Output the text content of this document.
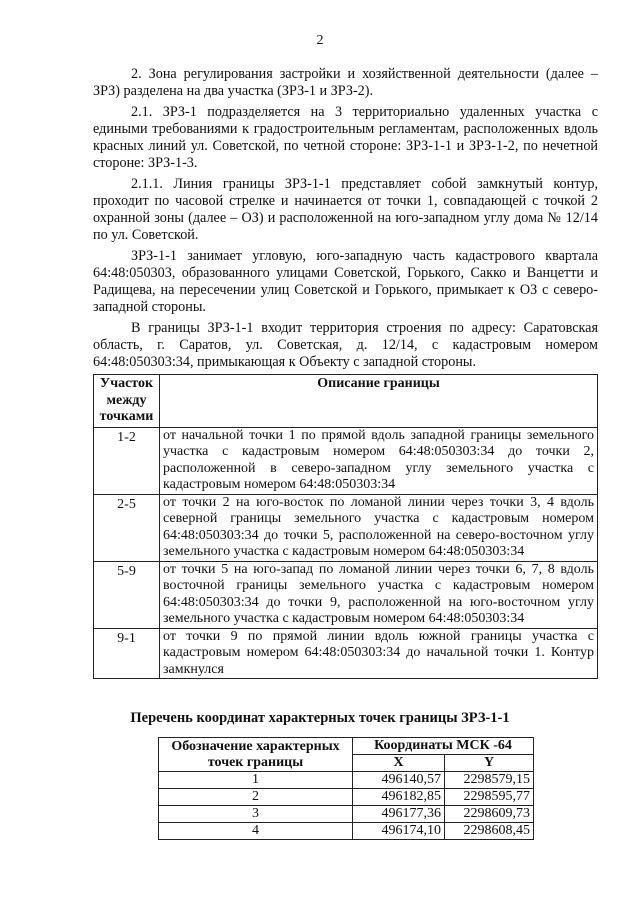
2

2. Зона регулирования застройки и хозяйственной деятельности (далее – ЗРЗ) разделена на два участка (ЗРЗ-1 и ЗРЗ-2).

2.1. ЗРЗ-1 подразделяется на 3 территориально удаленных участка с едиными требованиями к градостроительным регламентам, расположенных вдоль красных линий ул. Советской, по четной стороне: ЗРЗ-1-1 и ЗРЗ-1-2, по нечетной стороне: ЗРЗ-1-3.

2.1.1. Линия границы ЗРЗ-1-1 представляет собой замкнутый контур, проходит по часовой стрелке и начинается от точки 1, совпадающей с точкой 2 охранной зоны (далее – ОЗ) и расположенной на юго-западном углу дома № 12/14 по ул. Советской.

ЗРЗ-1-1 занимает угловую, юго-западную часть кадастрового квартала 64:48:050303, образованного улицами Советской, Горького, Сакко и Ванцетти и Радищева, на пересечении улиц Советской и Горького, примыкает к ОЗ с северо-западной стороны.

В границы ЗРЗ-1-1 входит территория строения по адресу: Саратовская область, г. Саратов, ул. Советская, д. 12/14, с кадастровым номером 64:48:050303:34, примыкающая к Объекту с западной стороны.

Участок между точками	Описание границы
1-2	от начальной точки 1 по прямой вдоль западной границы земельного участка с кадастровым номером 64:48:050303:34 до точки 2, расположенной в северо-западном углу земельного участка с кадастровым номером 64:48:050303:34
2-5	от точки 2 на юго-восток по ломаной линии через точки 3, 4 вдоль северной границы земельного участка с кадастровым номером 64:48:050303:34 до точки 5, расположенной на северо-восточном углу земельного участка с кадастровым номером 64:48:050303:34
5-9	от точки 5 на юго-запад по ломаной линии через точки 6, 7, 8 вдоль восточной границы земельного участка с кадастровым номером 64:48:050303:34 до точки 9, расположенной на юго-восточном углу земельного участка с кадастровым номером 64:48:050303:34
9-1	от точки 9 по прямой линии вдоль южной границы участка с кадастровым номером 64:48:050303:34 до начальной точки 1. Контур замкнулся
Перечень координат характерных точек границы ЗРЗ-1-1
Обозначение характерных точек границы	Координаты МСК -64	
	X	Y
1	496140,57	2298579,15
2	496182,85	2298595,77
3	496177,36	2298609,73
4	496174,10	2298608,45
